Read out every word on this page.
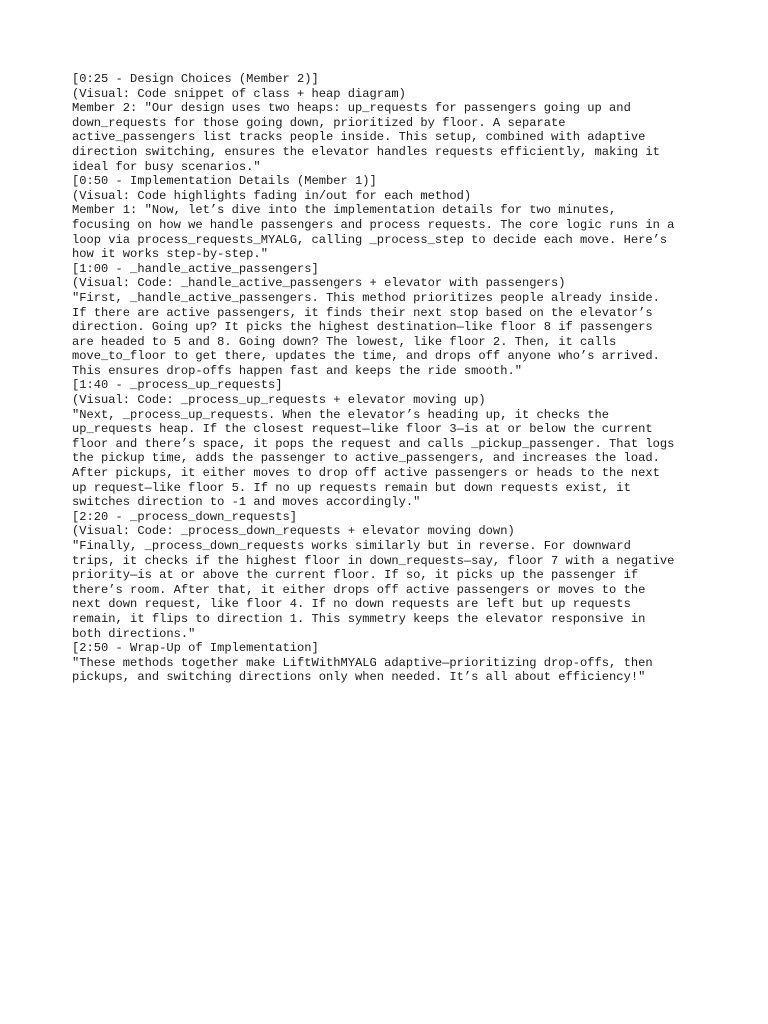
[0:25 - Design Choices (Member 2)]

(Visual: Code snippet of class + heap diagram)

Member 2: "Our design uses two heaps: up_requests for passengers going up and

down_requests for those going down, prioritized by floor. A separate

active_passengers list tracks people inside. This setup, combined with adaptive

direction switching, ensures the elevator handles requests efficiently, making it

ideal for busy scenarios."

[0:50 - Implementation Details (Member 1)]

(Visual: Code highlights fading in/out for each method)

Member 1: "Now, let’s dive into the implementation details for two minutes,

focusing on how we handle passengers and process requests. The core logic runs in a

loop via process_requests_MYALG, calling _process_step to decide each move. Here’s

how it works step-by-step."

[1:00 - _handle_active_passengers]

(Visual: Code: _handle_active_passengers + elevator with passengers)

"First, _handle_active_passengers. This method prioritizes people already inside.

If there are active passengers, it finds their next stop based on the elevator’s

direction. Going up? It picks the highest destination—like floor 8 if passengers

are headed to 5 and 8. Going down? The lowest, like floor 2. Then, it calls

move_to_floor to get there, updates the time, and drops off anyone who’s arrived.

This ensures drop-offs happen fast and keeps the ride smooth."

[1:40 - _process_up_requests]

(Visual: Code: _process_up_requests + elevator moving up)

"Next, _process_up_requests. When the elevator’s heading up, it checks the

up_requests heap. If the closest request—like floor 3—is at or below the current

floor and there’s space, it pops the request and calls _pickup_passenger. That logs

the pickup time, adds the passenger to active_passengers, and increases the load.

After pickups, it either moves to drop off active passengers or heads to the next

up request—like floor 5. If no up requests remain but down requests exist, it

switches direction to -1 and moves accordingly."

[2:20 - _process_down_requests]

(Visual: Code: _process_down_requests + elevator moving down)

"Finally, _process_down_requests works similarly but in reverse. For downward

trips, it checks if the highest floor in down_requests—say, floor 7 with a negative

priority—is at or above the current floor. If so, it picks up the passenger if

there’s room. After that, it either drops off active passengers or moves to the

next down request, like floor 4. If no down requests are left but up requests

remain, it flips to direction 1. This symmetry keeps the elevator responsive in

both directions."

[2:50 - Wrap-Up of Implementation]

"These methods together make LiftWithMYALG adaptive—prioritizing drop-offs, then

pickups, and switching directions only when needed. It’s all about efficiency!"
